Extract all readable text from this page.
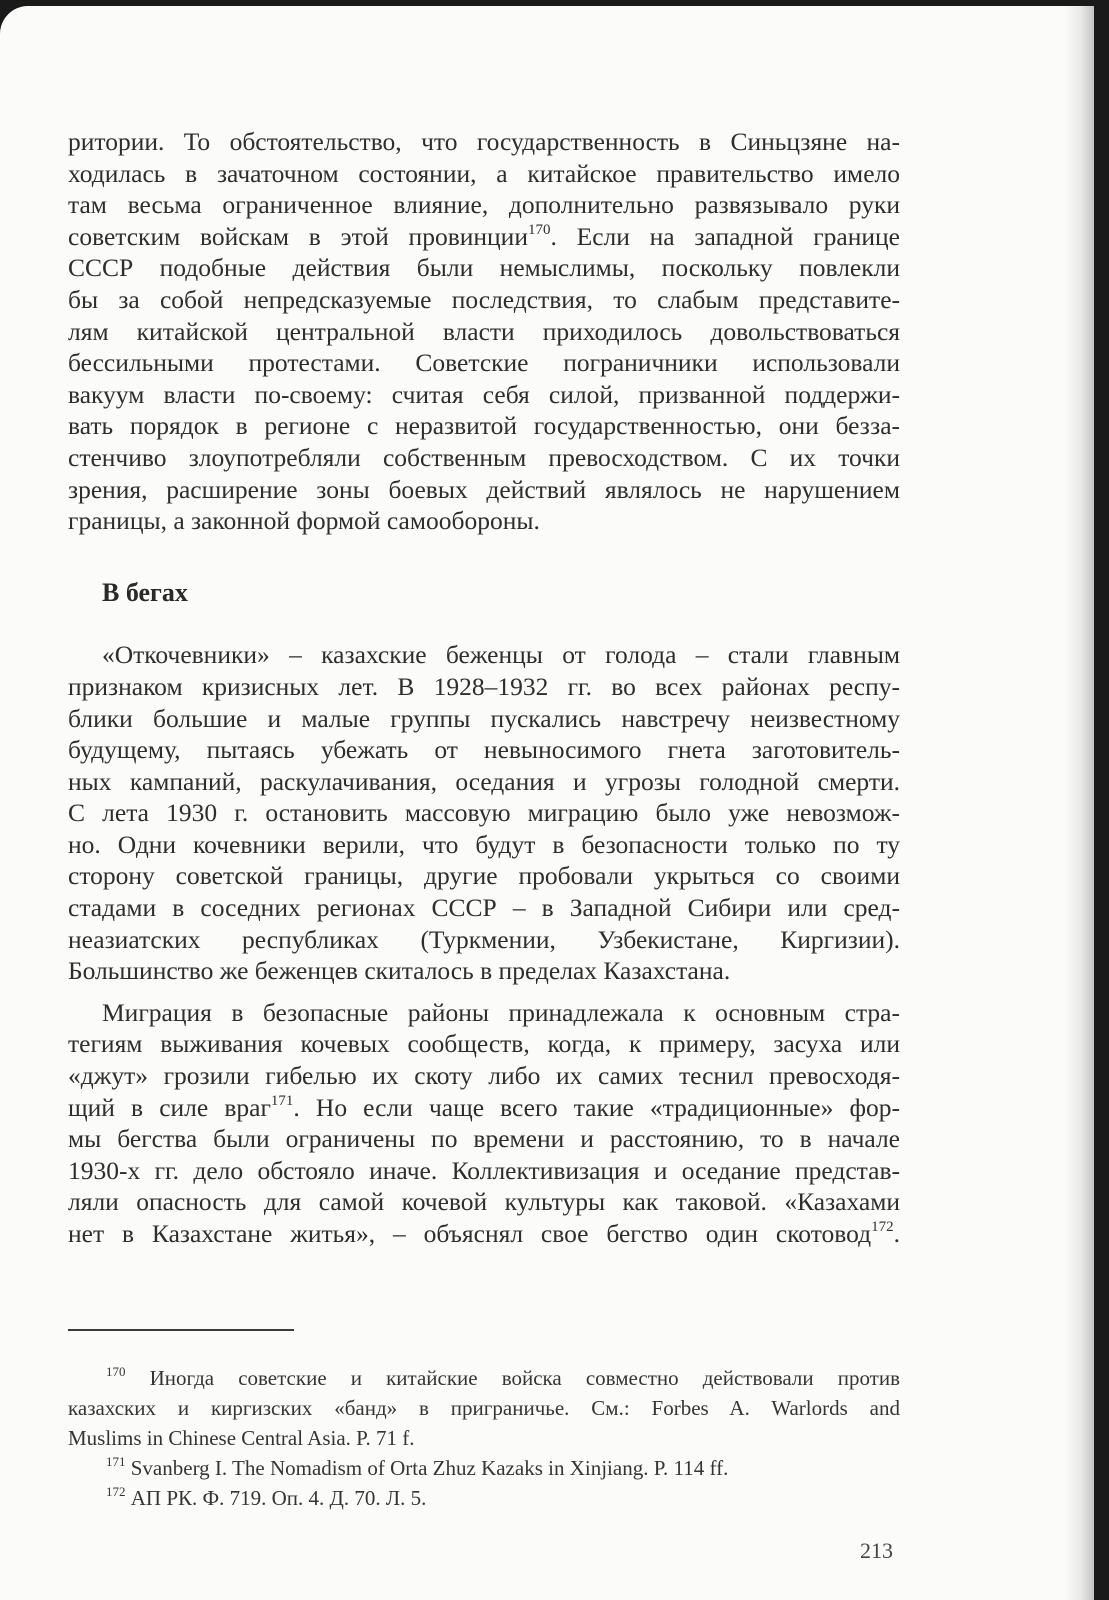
ритории. То обстоятельство, что государственность в Синьцзяне на-
ходилась в зачаточном состоянии, а китайское правительство имело
там весьма ограниченное влияние, дополнительно развязывало руки
советским войскам в этой провинции$^{170}$. Если на западной границе
СССР подобные действия были немыслимы, поскольку повлекли
бы за собой непредсказуемые последствия, то слабым представите-
лям китайской центральной власти приходилось довольствоваться
бессильными протестами. Советские пограничники использовали
вакуум власти по-своему: считая себя силой, призванной поддержи-
вать порядок в регионе с неразвитой государственностью, они безза-
стенчиво злоупотребляли собственным превосходством. С их точки
зрения, расширение зоны боевых действий являлось не нарушением
границы, а законной формой самообороны.

В бегах

«Откочевники» – казахские беженцы от голода – стали главным
признаком кризисных лет. В 1928–1932 гг. во всех районах респу-
блики большие и малые группы пускались навстречу неизвестному
будущему, пытаясь убежать от невыносимого гнета заготовитель-
ных кампаний, раскулачивания, оседания и угрозы голодной смерти.
С лета 1930 г. остановить массовую миграцию было уже невозмож-
но. Одни кочевники верили, что будут в безопасности только по ту
сторону советской границы, другие пробовали укрыться со своими
стадами в соседних регионах СССР – в Западной Сибири или сред-
неазиатских республиках (Туркмении, Узбекистане, Киргизии).
Большинство же беженцев скиталось в пределах Казахстана.

Миграция в безопасные районы принадлежала к основным стра-
тегиям выживания кочевых сообществ, когда, к примеру, засуха или
«джут» грозили гибелью их скоту либо их самих теснил превосходя-
щий в силе враг$^{171}$. Но если чаще всего такие «традиционные» фор-
мы бегства были ограничены по времени и расстоянию, то в начале
1930-х гг. дело обстояло иначе. Коллективизация и оседание представ-
ляли опасность для самой кочевой культуры как таковой. «Казахами
нет в Казахстане житья», – объяснял свое бегство один скотовод$^{172}$.

$^{170}$ Иногда советские и китайские войска совместно действовали против
казахских и киргизских «банд» в приграничье. См.: Forbes A. Warlords and
Muslims in Chinese Central Asia. P. 71 f.

$^{171}$ Svanberg I. The Nomadism of Orta Zhuz Kazaks in Xinjiang. P. 114 ff.

$^{172}$ АП РК. Ф. 719. Оп. 4. Д. 70. Л. 5.

213
